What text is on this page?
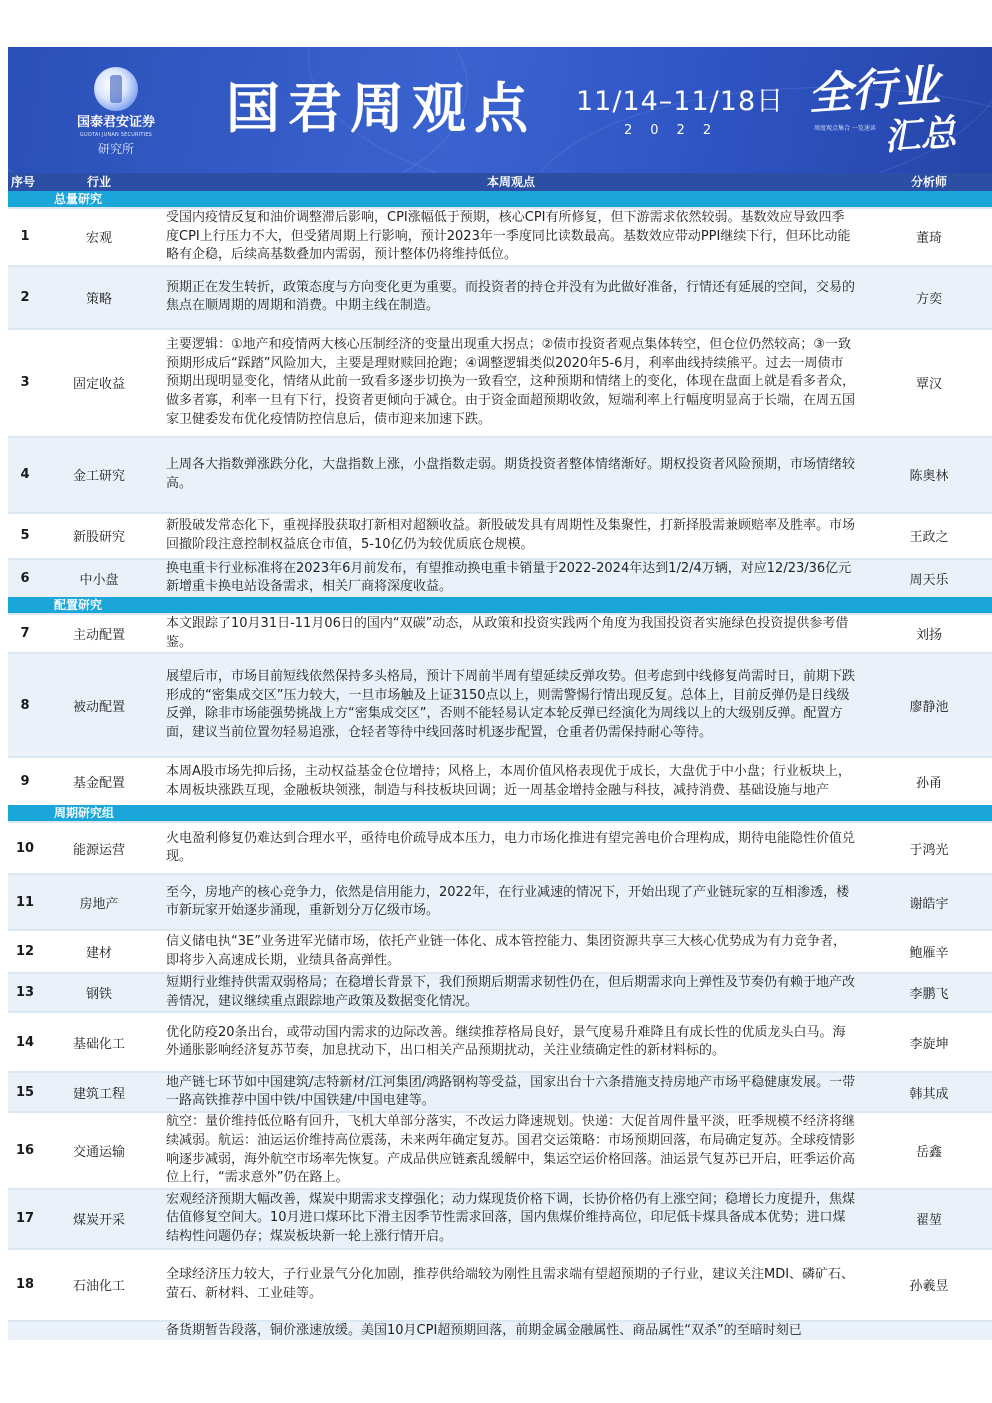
国泰君安证券
GUOTAI JUNAN SECURITIES
研究所
国君周观点 11/14–11/18日
2022
全行业
汇总
周度观点集合 一览速读
序号	行业	本周观点	分析师
总量研究			
1	宏观	受国内疫情反复和油价调整滞后影响，CPI涨幅低于预期，核心CPI有所修复，但下游需求依然较弱。基数效应导致四季度CPI上行压力不大，但受猪周期上行影响，预计2023年一季度同比读数最高。基数效应带动PPI继续下行，但环比动能略有企稳，后续高基数叠加内需弱，预计整体仍将维持低位。	董琦
2	策略	预期正在发生转折，政策态度与方向变化更为重要。而投资者的持仓并没有为此做好准备，行情还有延展的空间，交易的焦点在顺周期的周期和消费。中期主线在制造。	方奕
3	固定收益	主要逻辑：①地产和疫情两大核心压制经济的变量出现重大拐点；②债市投资者观点集体转空，但仓位仍然较高；③一致预期形成后“踩踏”风险加大，主要是理财赎回抢跑；④调整逻辑类似2020年5-6月，利率曲线持续熊平。过去一周债市预期出现明显变化，情绪从此前一致看多逐步切换为一致看空，这种预期和情绪上的变化，体现在盘面上就是看多者众，做多者寡，利率一旦有下行，投资者更倾向于减仓。由于资金面超预期收敛，短端利率上行幅度明显高于长端，在周五国家卫健委发布优化疫情防控信息后，债市迎来加速下跌。	覃汉
4	金工研究	上周各大指数弹涨跌分化，大盘指数上涨，小盘指数走弱。期货投资者整体情绪渐好。期权投资者风险预期，市场情绪较高。	陈奥林
5	新股研究	新股破发常态化下，重视择股获取打新相对超额收益。新股破发具有周期性及集聚性，打新择股需兼顾赔率及胜率。市场回撤阶段注意控制权益底仓市值，5-10亿仍为较优质底仓规模。	王政之
6	中小盘	换电重卡行业标准将在2023年6月前发布，有望推动换电重卡销量于2022-2024年达到1/2/4万辆，对应12/23/36亿元新增重卡换电站设备需求，相关厂商将深度收益。	周天乐
配置研究			
7	主动配置	本文跟踪了10月31日-11月06日的国内“双碳”动态，从政策和投资实践两个角度为我国投资者实施绿色投资提供参考借鉴。	刘扬
8	被动配置	展望后市，市场目前短线依然保持多头格局，预计下周前半周有望延续反弹攻势。但考虑到中线修复尚需时日，前期下跌形成的“密集成交区”压力较大，一旦市场触及上证3150点以上，则需警惕行情出现反复。总体上，目前反弹仍是日线级反弹，除非市场能强势挑战上方“密集成交区”，否则不能轻易认定本轮反弹已经演化为周线以上的大级别反弹。配置方面，建议当前位置勿轻易追涨，仓轻者等待中线回落时机逐步配置，仓重者仍需保持耐心等待。	廖静池
9	基金配置	本周A股市场先抑后扬，主动权益基金仓位增持；风格上，本周价值风格表现优于成长，大盘优于中小盘；行业板块上，本周板块涨跌互现，金融板块领涨，制造与科技板块回调；近一周基金增持金融与科技，减持消费、基础设施与地产	孙甬
周期研究组			
10	能源运营	火电盈利修复仍难达到合理水平，亟待电价疏导成本压力，电力市场化推进有望完善电价合理构成，期待电能隐性价值兑现。	于鸿光
11	房地产	至今，房地产的核心竞争力，依然是信用能力，2022年，在行业减速的情况下，开始出现了产业链玩家的互相渗透，楼市新玩家开始逐步涌现，重新划分万亿级市场。	谢皓宇
12	建材	信义储电执“3E”业务进军光储市场，依托产业链一体化、成本管控能力、集团资源共享三大核心优势成为有力竞争者，即将步入高速成长期，业绩具备高弹性。	鲍雁辛
13	钢铁	短期行业维持供需双弱格局；在稳增长背景下，我们预期后期需求韧性仍在，但后期需求向上弹性及节奏仍有赖于地产改善情况，建议继续重点跟踪地产政策及数据变化情况。	李鹏飞
14	基础化工	优化防疫20条出台，或带动国内需求的边际改善。继续推荐格局良好，景气度易升难降且有成长性的优质龙头白马。海外通胀影响经济复苏节奏，加息扰动下，出口相关产品预期扰动，关注业绩确定性的新材料标的。	李旋坤
15	建筑工程	地产链七环节如中国建筑/志特新材/江河集团/鸿路钢构等受益，国家出台十六条措施支持房地产市场平稳健康发展。一带一路高铁推荐中国中铁/中国铁建/中国电建等。	韩其成
16	交通运输	航空：量价维持低位略有回升，飞机大单部分落实，不改运力降速规划。快递：大促首周件量平淡，旺季规模不经济将继续减弱。航运：油运运价维持高位震荡，未来两年确定复苏。国君交运策略：市场预期回落，布局确定复苏。全球疫情影响逐步减弱，海外航空市场率先恢复。产成品供应链紊乱缓解中，集运空运价格回落。油运景气复苏已开启，旺季运价高位上行，“需求意外”仍在路上。	岳鑫
17	煤炭开采	宏观经济预期大幅改善，煤炭中期需求支撑强化；动力煤现货价格下调，长协价格仍有上涨空间；稳增长力度提升，焦煤估值修复空间大。10月进口煤环比下滑主因季节性需求回落，国内焦煤价维持高位，印尼低卡煤具备成本优势；进口煤结构性问题仍存；煤炭板块新一轮上涨行情开启。	翟堃
18	石油化工	全球经济压力较大，子行业景气分化加剧，推荐供给端较为刚性且需求端有望超预期的子行业，建议关注MDI、磷矿石、萤石、新材料、工业硅等。	孙羲昱
		备货期暂告段落，铜价涨速放缓。美国10月CPI超预期回落，前期金属金融属性、商品属性“双杀”的至暗时刻已	
